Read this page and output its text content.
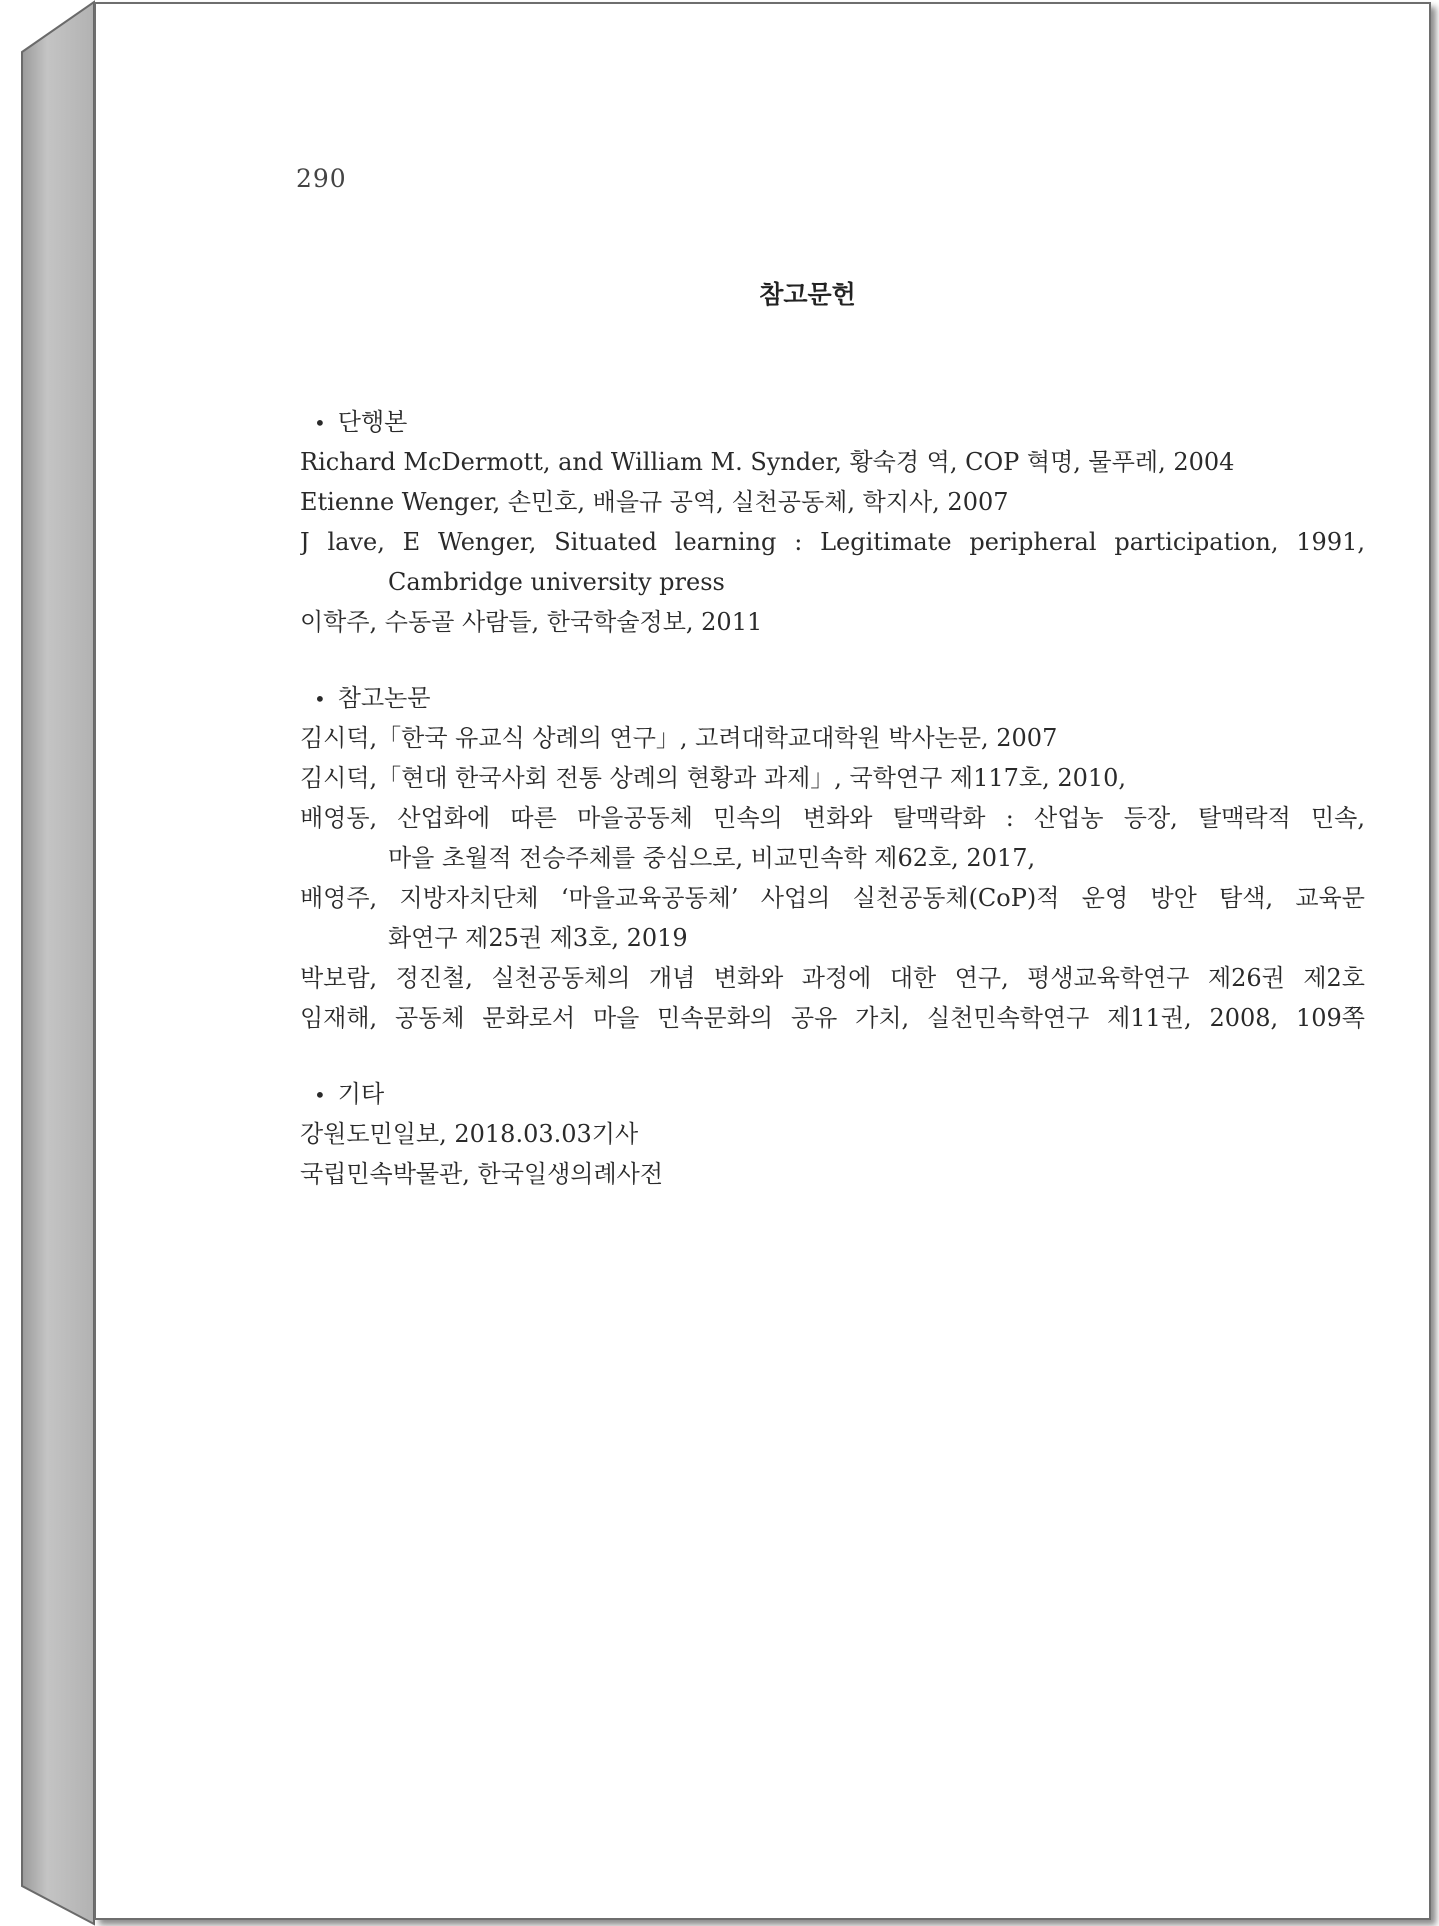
290
참고문헌
• 단행본
Richard McDermott, and William M. Synder, 황숙경 역, COP 혁명, 물푸레, 2004
Etienne Wenger, 손민호, 배을규 공역, 실천공동체, 학지사, 2007
J lave, E Wenger, Situated learning : Legitimate peripheral participation, 1991,
Cambridge university press
이학주, 수동골 사람들, 한국학술정보, 2011
• 참고논문
김시덕,「한국 유교식 상례의 연구」, 고려대학교대학원 박사논문, 2007
김시덕,「현대 한국사회 전통 상례의 현황과 과제」, 국학연구 제117호, 2010,
배영동, 산업화에 따른 마을공동체 민속의 변화와 탈맥락화 : 산업농 등장, 탈맥락적 민속,
마을 초월적 전승주체를 중심으로, 비교민속학 제62호, 2017,
배영주, 지방자치단체 ‘마을교육공동체’ 사업의 실천공동체(CoP)적 운영 방안 탐색, 교육문
화연구 제25권 제3호, 2019
박보람, 정진철, 실천공동체의 개념 변화와 과정에 대한 연구, 평생교육학연구 제26권 제2호
임재해, 공동체 문화로서 마을 민속문화의 공유 가치, 실천민속학연구 제11권, 2008, 109쪽
• 기타
강원도민일보, 2018.03.03기사
국립민속박물관, 한국일생의례사전
